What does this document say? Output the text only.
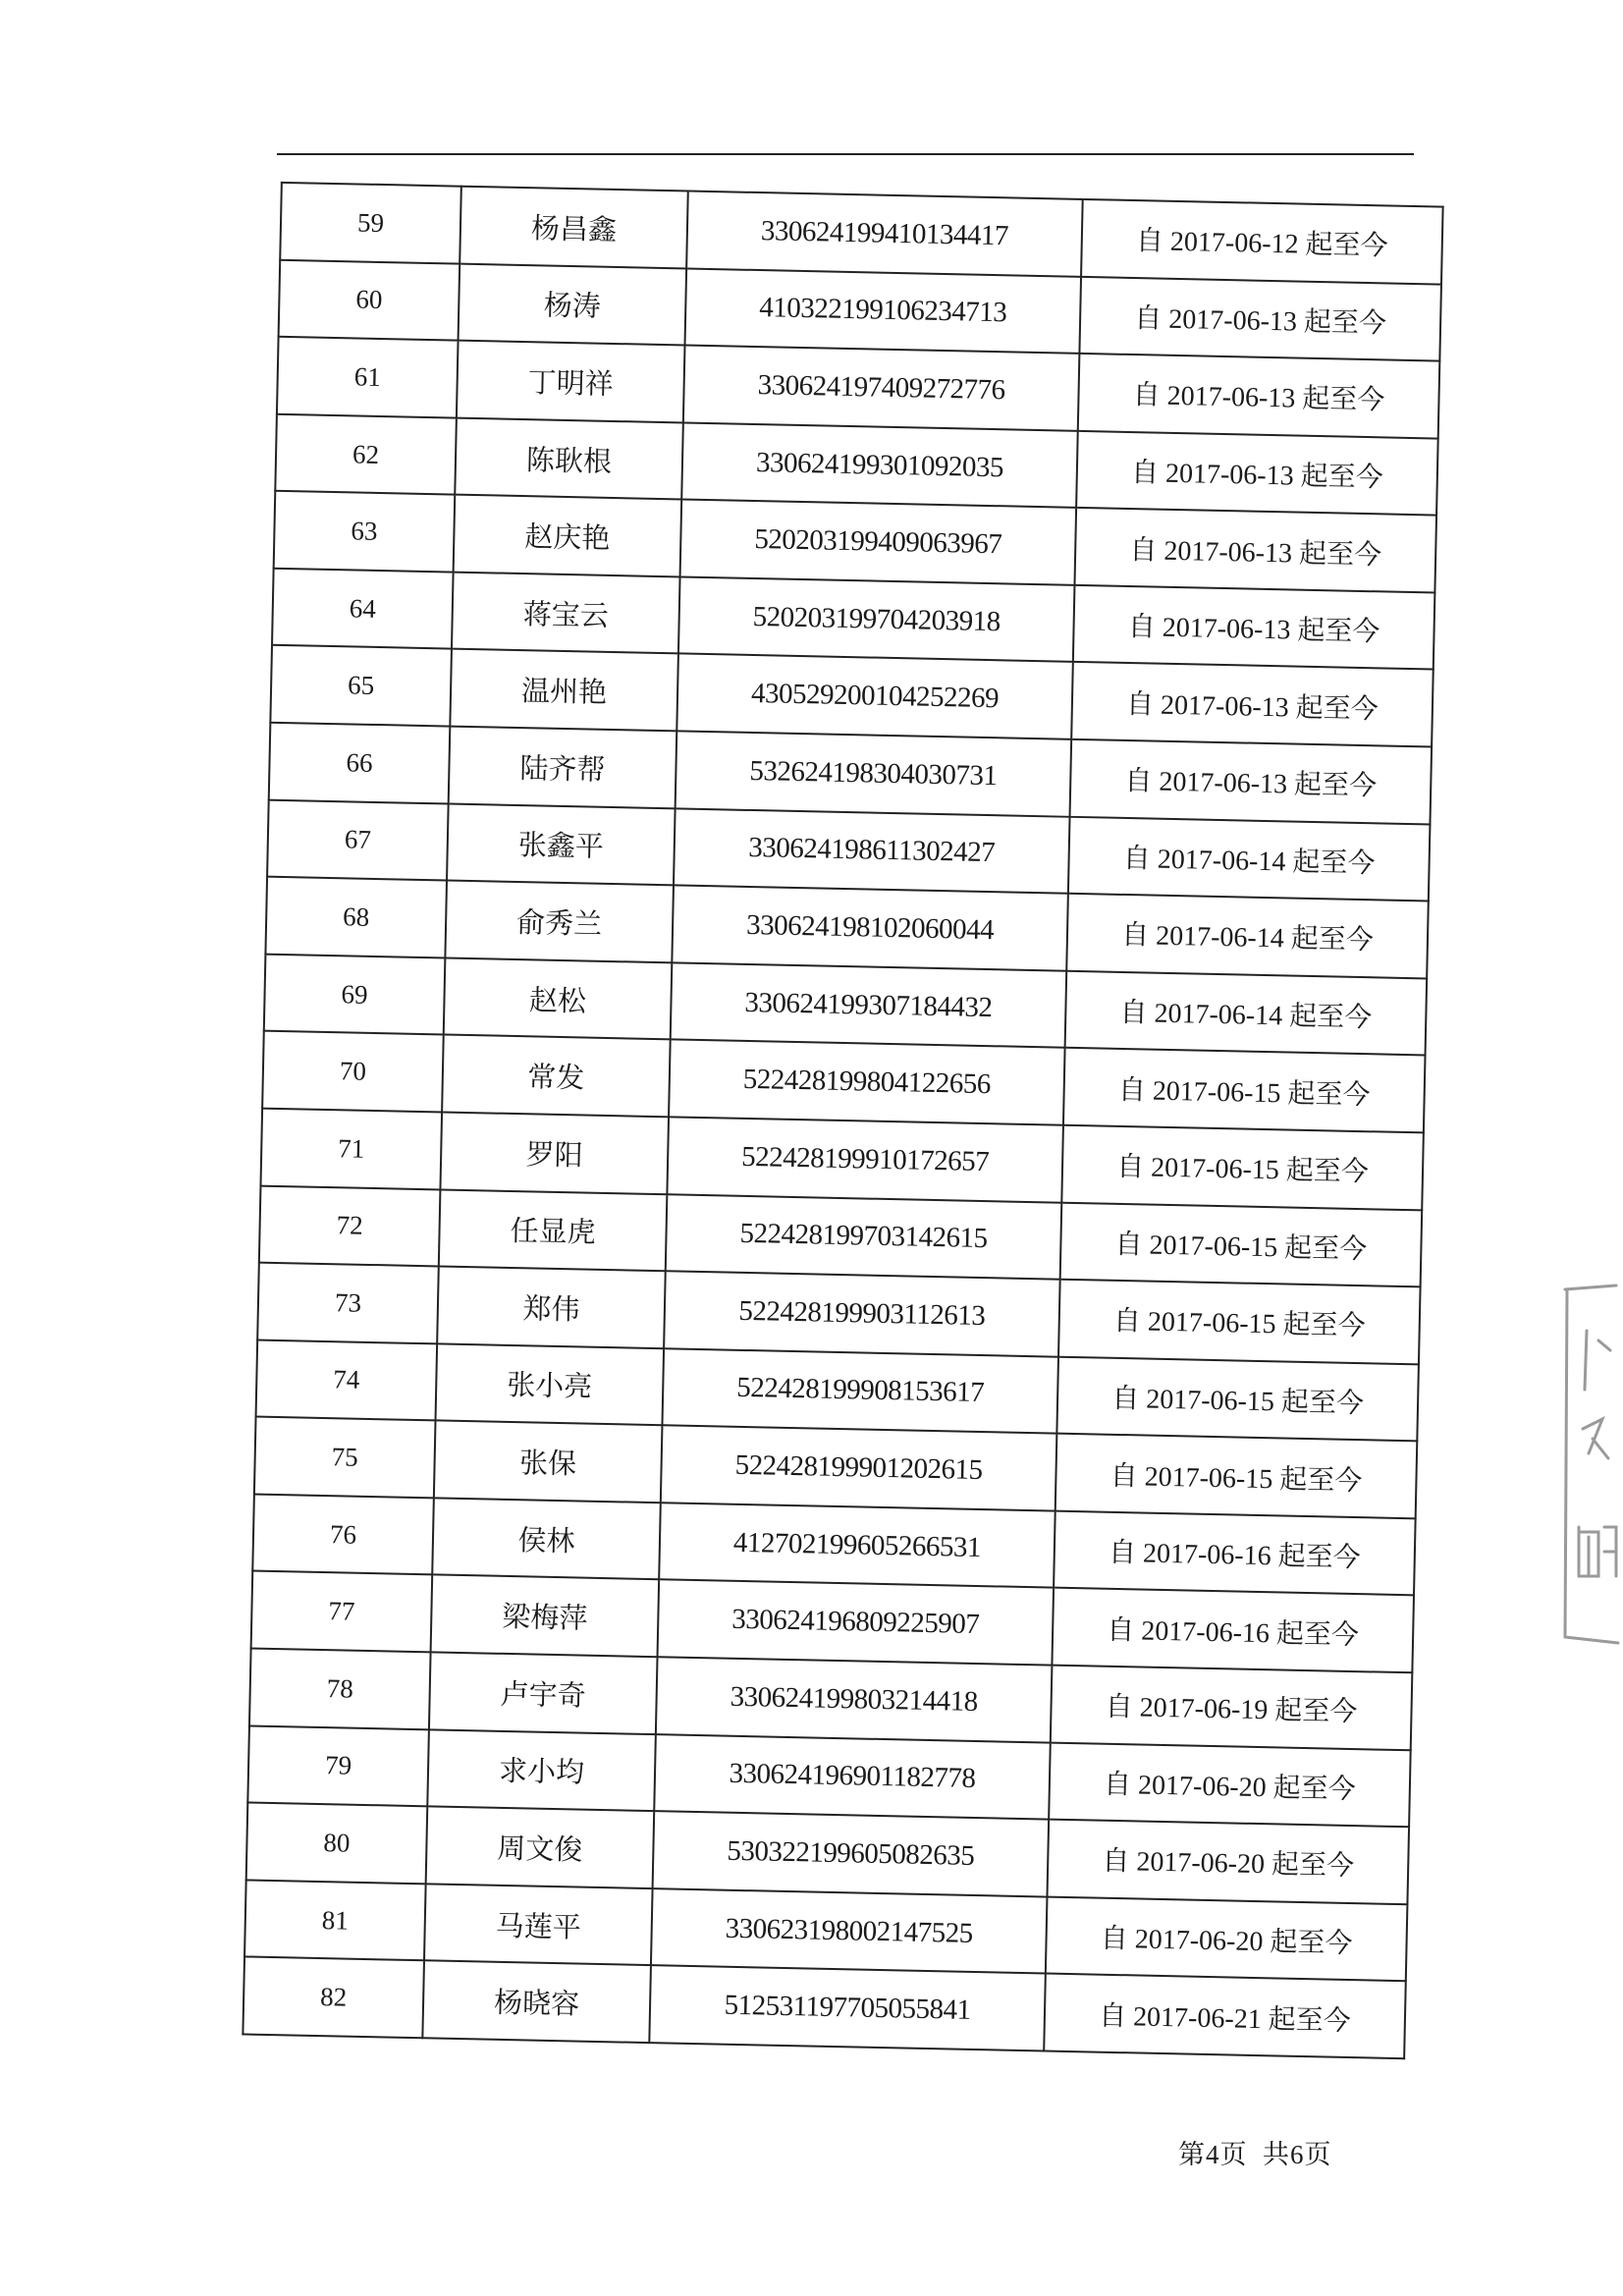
59	杨昌鑫	330624199410134417	自 2017-06-12 起至今
60	杨涛	410322199106234713	自 2017-06-13 起至今
61	丁明祥	330624197409272776	自 2017-06-13 起至今
62	陈耿根	330624199301092035	自 2017-06-13 起至今
63	赵庆艳	520203199409063967	自 2017-06-13 起至今
64	蒋宝云	520203199704203918	自 2017-06-13 起至今
65	温州艳	430529200104252269	自 2017-06-13 起至今
66	陆齐帮	532624198304030731	自 2017-06-13 起至今
67	张鑫平	330624198611302427	自 2017-06-14 起至今
68	俞秀兰	330624198102060044	自 2017-06-14 起至今
69	赵松	330624199307184432	自 2017-06-14 起至今
70	常发	522428199804122656	自 2017-06-15 起至今
71	罗阳	522428199910172657	自 2017-06-15 起至今
72	任显虎	522428199703142615	自 2017-06-15 起至今
73	郑伟	522428199903112613	自 2017-06-15 起至今
74	张小亮	522428199908153617	自 2017-06-15 起至今
75	张保	522428199901202615	自 2017-06-15 起至今
76	侯林	412702199605266531	自 2017-06-16 起至今
77	梁梅萍	330624196809225907	自 2017-06-16 起至今
78	卢宇奇	330624199803214418	自 2017-06-19 起至今
79	求小均	330624196901182778	自 2017-06-20 起至今
80	周文俊	530322199605082635	自 2017-06-20 起至今
81	马莲平	330623198002147525	自 2017-06-20 起至今
82	杨晓容	512531197705055841	自 2017-06-21 起至今
第4页  共6页
